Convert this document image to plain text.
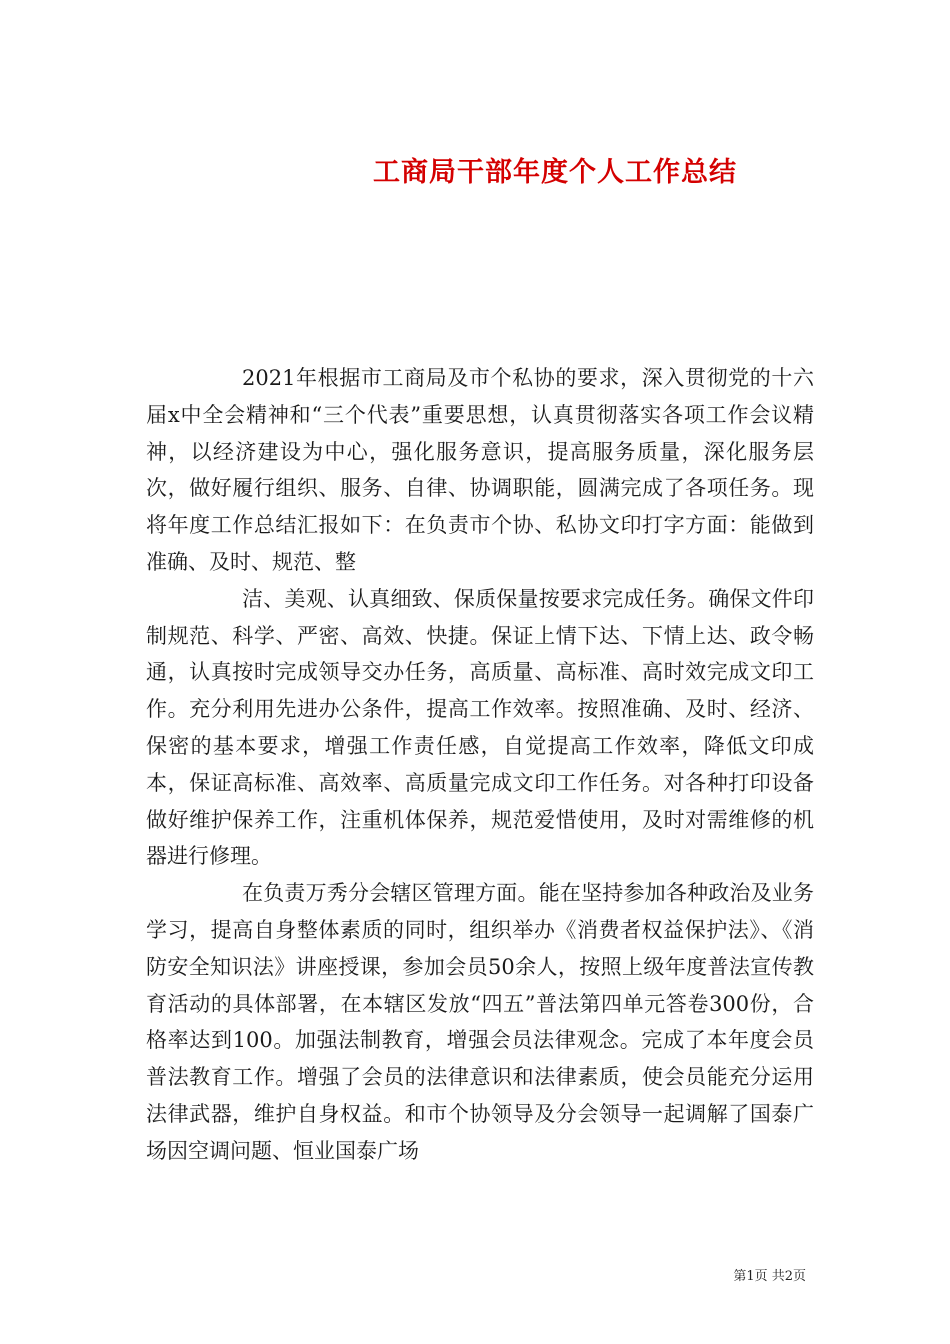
工商局干部年度个人工作总结

2021年根据市工商局及市个私协的要求，深入贯彻党的十六届x中全会精神和“三个代表”重要思想，认真贯彻落实各项工作会议精神，以经济建设为中心，强化服务意识，提高服务质量，深化服务层次，做好履行组织、服务、自律、协调职能，圆满完成了各项任务。现将年度工作总结汇报如下：在负责市个协、私协文印打字方面：能做到准确、及时、规范、整

洁、美观、认真细致、保质保量按要求完成任务。确保文件印制规范、科学、严密、高效、快捷。保证上情下达、下情上达、政令畅通，认真按时完成领导交办任务，高质量、高标准、高时效完成文印工作。充分利用先进办公条件，提高工作效率。按照准确、及时、经济、保密的基本要求，增强工作责任感，自觉提高工作效率，降低文印成本，保证高标准、高效率、高质量完成文印工作任务。对各种打印设备做好维护保养工作，注重机体保养，规范爱惜使用，及时对需维修的机器进行修理。

在负责万秀分会辖区管理方面。能在坚持参加各种政治及业务学习，提高自身整体素质的同时，组织举办《消费者权益保护法》、《消防安全知识法》讲座授课，参加会员50余人，按照上级年度普法宣传教育活动的具体部署，在本辖区发放“四五”普法第四单元答卷300份，合格率达到100。加强法制教育，增强会员法律观念。完成了本年度会员普法教育工作。增强了会员的法律意识和法律素质，使会员能充分运用法律武器，维护自身权益。和市个协领导及分会领导一起调解了国泰广场因空调问题、恒业国泰广场

第1页 共2页
